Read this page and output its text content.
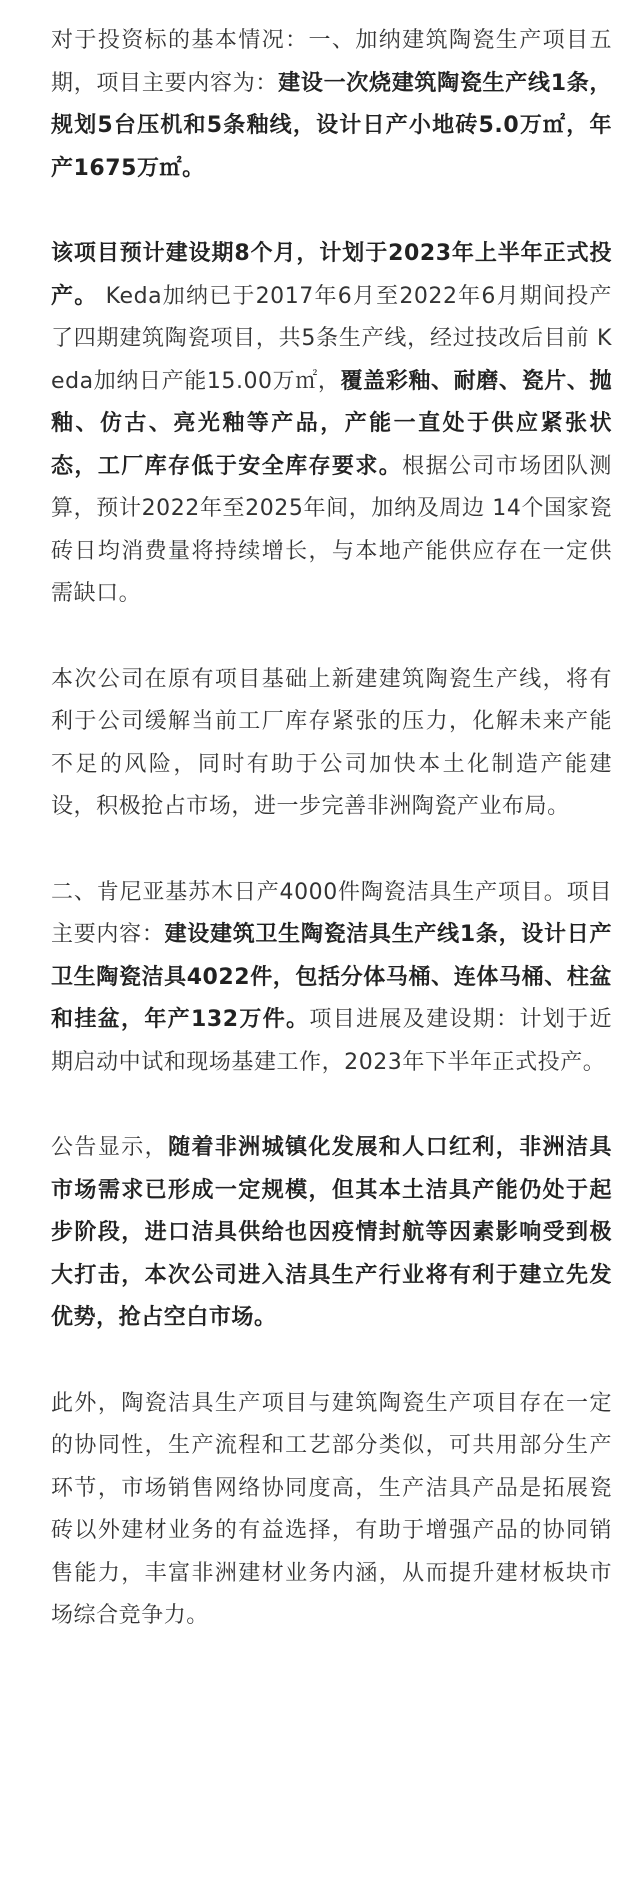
对于投资标的基本情况：一、加纳建筑陶瓷生产项目五期，项目主要内容为：建设一次烧建筑陶瓷生产线1条，规划5台压机和5条釉线，设计日产小地砖5.0万㎡，年产1675万㎡。

该项目预计建设期8个月，计划于2023年上半年正式投产。 Keda加纳已于2017年6月至2022年6月期间投产了四期建筑陶瓷项目，共5条生产线，经过技改后目前 Keda加纳日产能15.00万㎡，覆盖彩釉、耐磨、瓷片、抛釉、仿古、亮光釉等产品，产能一直处于供应紧张状态，工厂库存低于安全库存要求。根据公司市场团队测算，预计2022年至2025年间，加纳及周边 14个国家瓷砖日均消费量将持续增长，与本地产能供应存在一定供需缺口。

本次公司在原有项目基础上新建建筑陶瓷生产线，将有利于公司缓解当前工厂库存紧张的压力，化解未来产能不足的风险，同时有助于公司加快本土化制造产能建设，积极抢占市场，进一步完善非洲陶瓷产业布局。

二、肯尼亚基苏木日产4000件陶瓷洁具生产项目。项目主要内容：建设建筑卫生陶瓷洁具生产线1条，设计日产卫生陶瓷洁具4022件，包括分体马桶、连体马桶、柱盆和挂盆，年产132万件。项目进展及建设期：计划于近期启动中试和现场基建工作，2023年下半年正式投产。

公告显示，随着非洲城镇化发展和人口红利，非洲洁具市场需求已形成一定规模，但其本土洁具产能仍处于起步阶段，进口洁具供给也因疫情封航等因素影响受到极大打击，本次公司进入洁具生产行业将有利于建立先发优势，抢占空白市场。

此外，陶瓷洁具生产项目与建筑陶瓷生产项目存在一定的协同性，生产流程和工艺部分类似，可共用部分生产环节，市场销售网络协同度高，生产洁具产品是拓展瓷砖以外建材业务的有益选择，有助于增强产品的协同销售能力，丰富非洲建材业务内涵，从而提升建材板块市场综合竞争力。
